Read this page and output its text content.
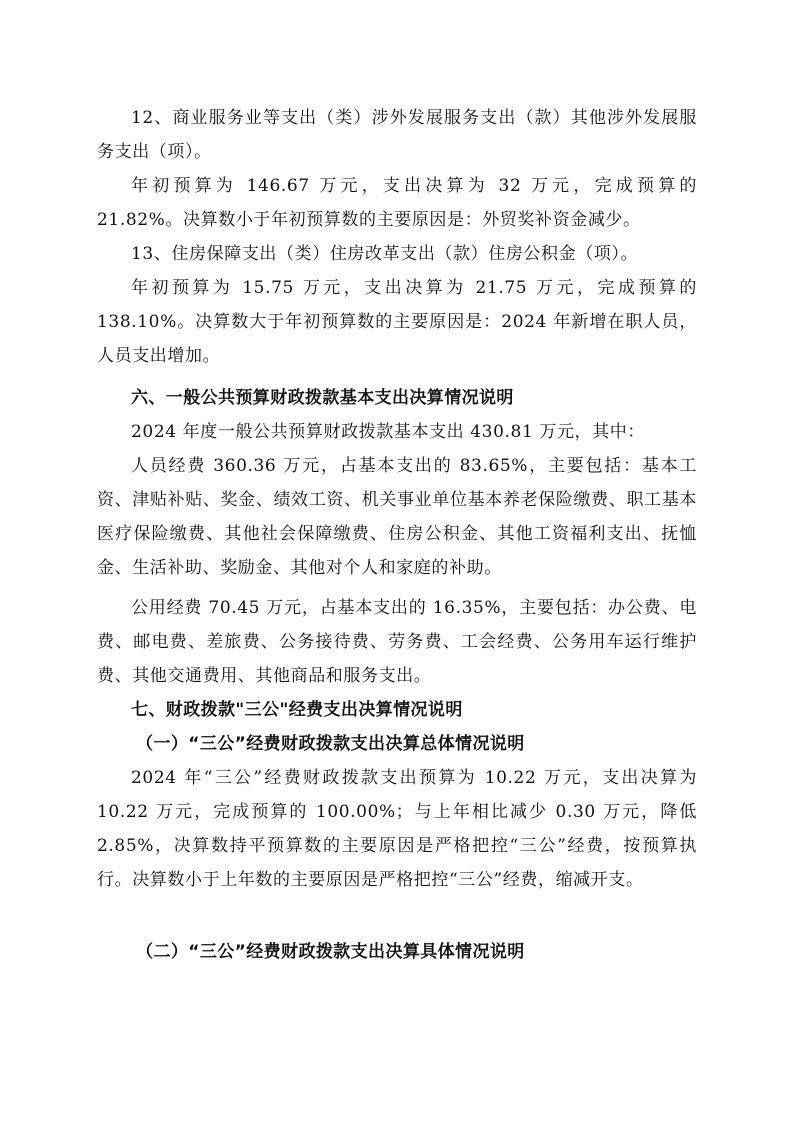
12、商业服务业等支出（类）涉外发展服务支出（款）其他涉外发展服务支出（项）。

年初预算为 146.67 万元，支出决算为 32 万元，完成预算的 21.82%。决算数小于年初预算数的主要原因是：外贸奖补资金减少。

13、住房保障支出（类）住房改革支出（款）住房公积金（项）。

年初预算为 15.75 万元，支出决算为 21.75 万元，完成预算的 138.10%。决算数大于年初预算数的主要原因是：2024 年新增在职人员，人员支出增加。

六、一般公共预算财政拨款基本支出决算情况说明

2024 年度一般公共预算财政拨款基本支出 430.81 万元，其中：

人员经费 360.36 万元，占基本支出的 83.65%，主要包括：基本工资、津贴补贴、奖金、绩效工资、机关事业单位基本养老保险缴费、职工基本医疗保险缴费、其他社会保障缴费、住房公积金、其他工资福利支出、抚恤金、生活补助、奖励金、其他对个人和家庭的补助。

公用经费 70.45 万元，占基本支出的 16.35%，主要包括：办公费、电费、邮电费、差旅费、公务接待费、劳务费、工会经费、公务用车运行维护费、其他交通费用、其他商品和服务支出。

七、财政拨款"三公"经费支出决算情况说明

（一）“三公”经费财政拨款支出决算总体情况说明

2024 年“三公”经费财政拨款支出预算为 10.22 万元，支出决算为 10.22 万元，完成预算的 100.00%；与上年相比减少 0.30 万元，降低 2.85%，决算数持平预算数的主要原因是严格把控“三公”经费，按预算执行。决算数小于上年数的主要原因是严格把控“三公”经费，缩减开支。

（二）“三公”经费财政拨款支出决算具体情况说明
